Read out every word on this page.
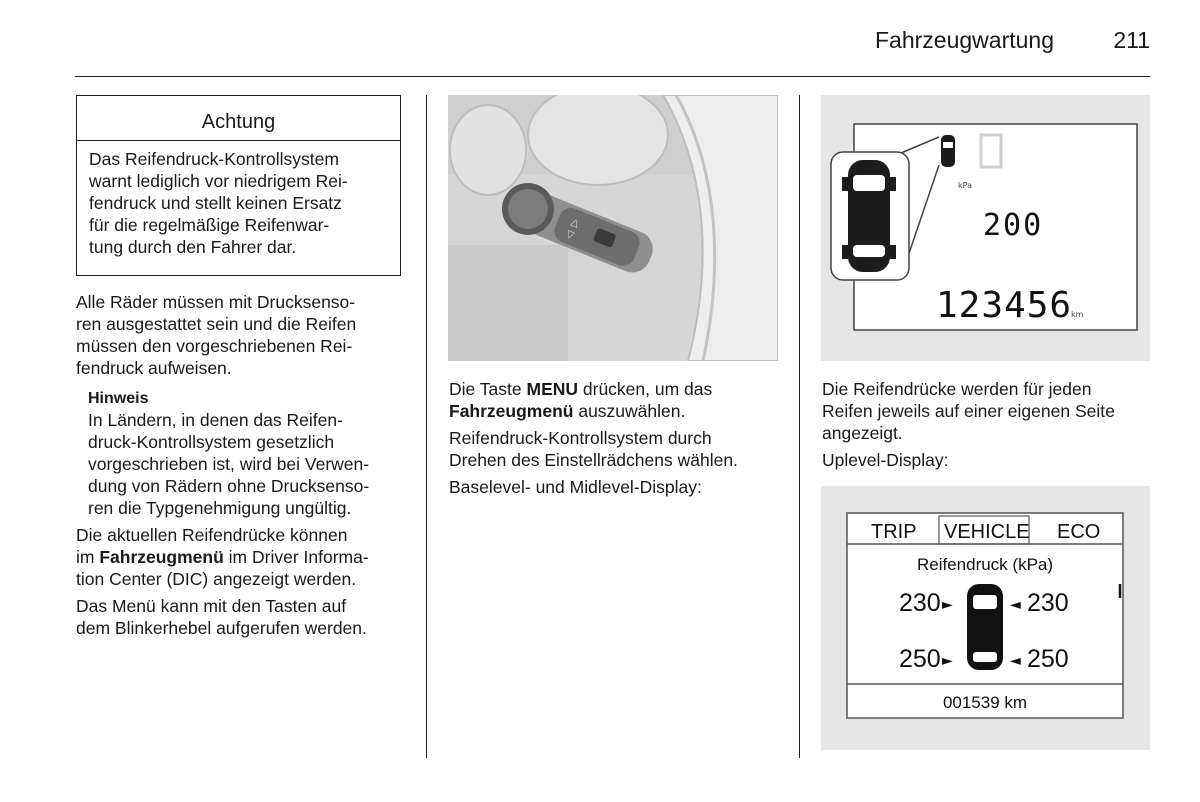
Fahrzeugwartung	211
Achtung
Das Reifendruck-Kontrollsystem
warnt lediglich vor niedrigem Rei-
fendruck und stellt keinen Ersatz
für die regelmäßige Reifenwar-
tung durch den Fahrer dar.

Alle Räder müssen mit Drucksenso-
ren ausgestattet sein und die Reifen
müssen den vorgeschriebenen Rei-
fendruck aufweisen.

Hinweis
In Ländern, in denen das Reifen-
druck-Kontrollsystem gesetzlich
vorgeschrieben ist, wird bei Verwen-
dung von Rädern ohne Drucksenso-
ren die Typgenehmigung ungültig.

Die aktuellen Reifendrücke können
im Fahrzeugmenü im Driver Informa-
tion Center (DIC) angezeigt werden.

Das Menü kann mit den Tasten auf
dem Blinkerhebel aufgerufen werden.

△
▽

Die Taste MENU drücken, um das
Fahrzeugmenü auszuwählen.

Reifendruck-Kontrollsystem durch
Drehen des Einstellrädchens wählen.

Baselevel- und Midlevel-Display:

kPa
200
123456
km

Die Reifendrücke werden für jeden
Reifen jeweils auf einer eigenen Seite
angezeigt.

Uplevel-Display:

TRIP VEHICLE ECO
Reifendruck (kPa)
230 ►	◄ 230
250 ►	◄ 250
001539 km
